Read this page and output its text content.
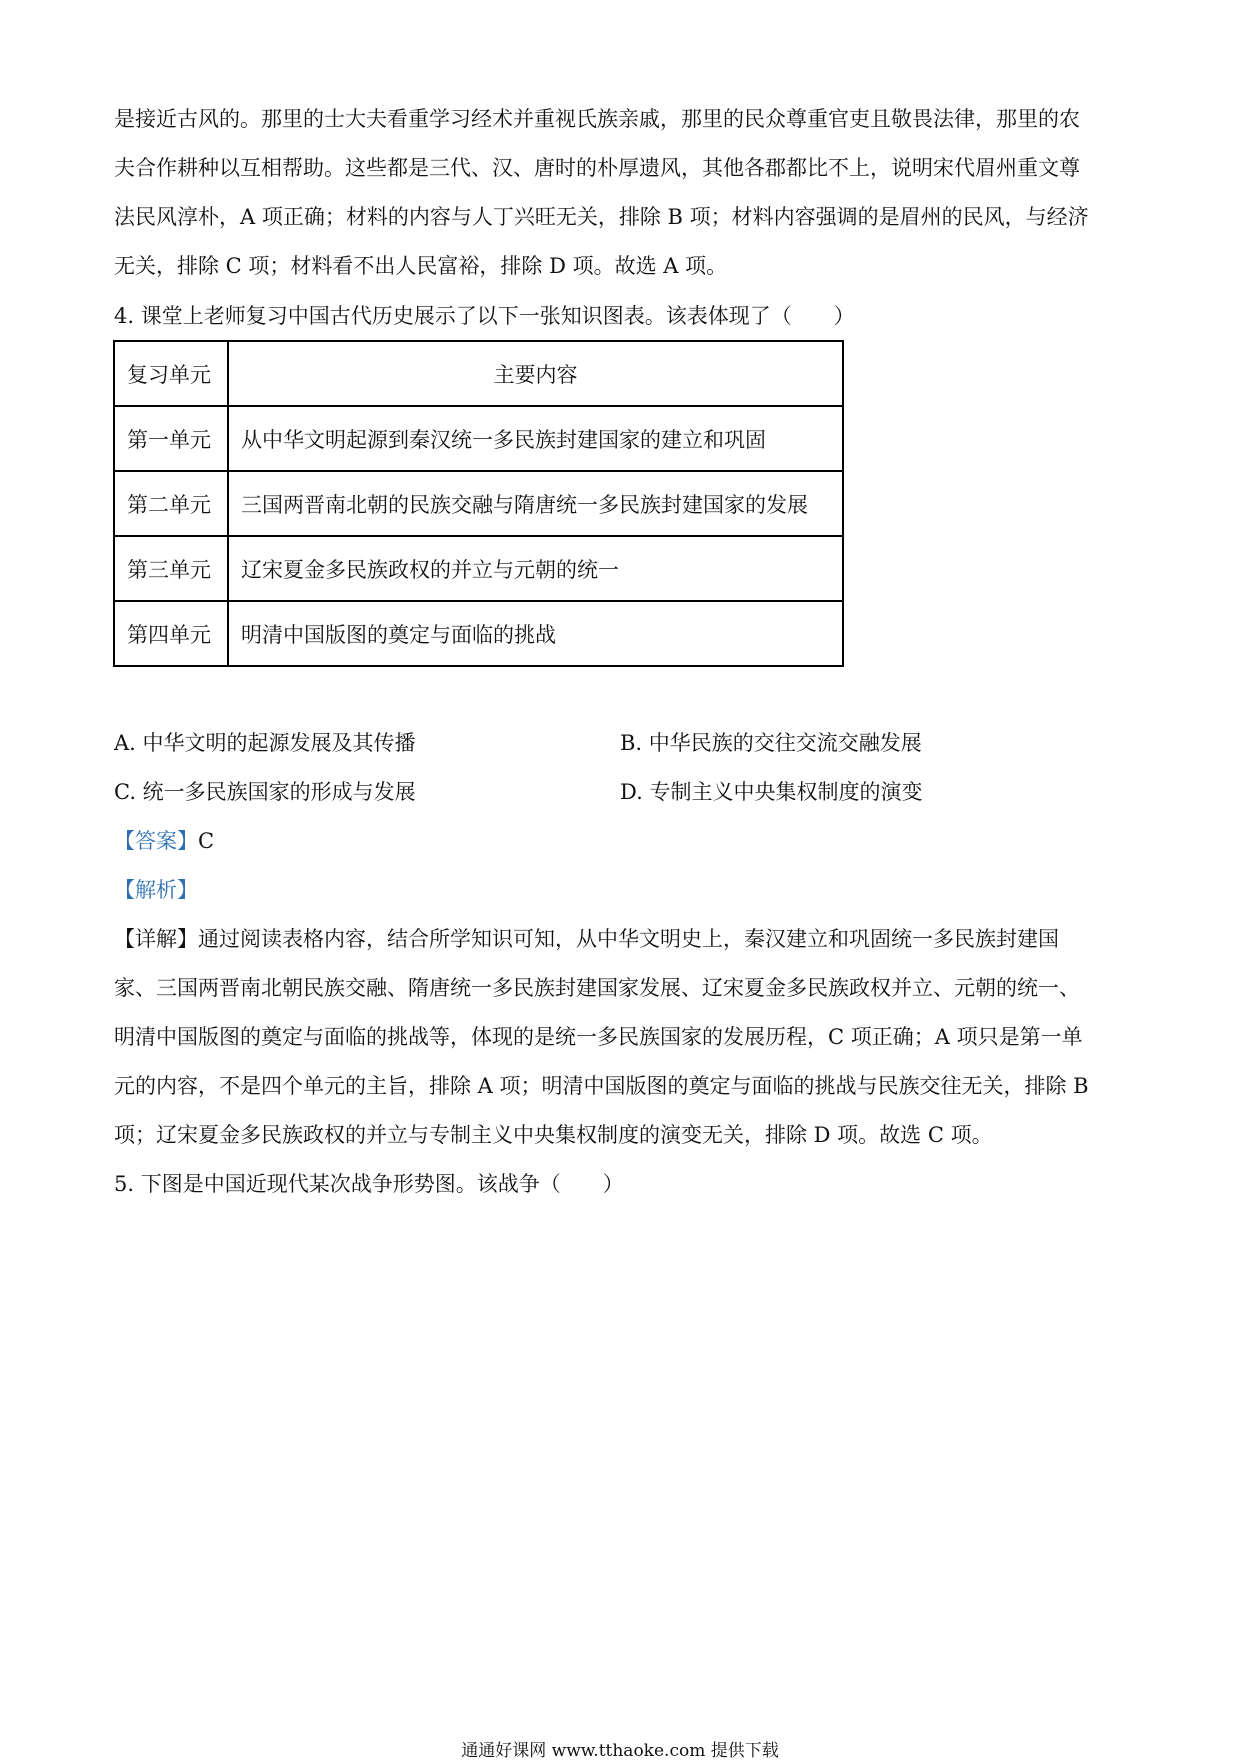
是接近古风的。那里的士大夫看重学习经术并重视氏族亲戚，那里的民众尊重官吏且敬畏法律，那里的农
夫合作耕种以互相帮助。这些都是三代、汉、唐时的朴厚遗风，其他各郡都比不上，说明宋代眉州重文尊
法民风淳朴，A 项正确；材料的内容与人丁兴旺无关，排除 B 项；材料内容强调的是眉州的民风，与经济
无关，排除 C 项；材料看不出人民富裕，排除 D 项。故选 A 项。

4. 课堂上老师复习中国古代历史展示了以下一张知识图表。该表体现了（　　）

复习单元	主要内容
第一单元	从中华文明起源到秦汉统一多民族封建国家的建立和巩固
第二单元	三国两晋南北朝的民族交融与隋唐统一多民族封建国家的发展
第三单元	辽宋夏金多民族政权的并立与元朝的统一
第四单元	明清中国版图的奠定与面临的挑战
A. 中华文明的起源发展及其传播	B. 中华民族的交往交流交融发展
C. 统一多民族国家的形成与发展	D. 专制主义中央集权制度的演变
【答案】C
【解析】
【详解】通过阅读表格内容，结合所学知识可知，从中华文明史上，秦汉建立和巩固统一多民族封建国
家、三国两晋南北朝民族交融、隋唐统一多民族封建国家发展、辽宋夏金多民族政权并立、元朝的统一、
明清中国版图的奠定与面临的挑战等，体现的是统一多民族国家的发展历程，C 项正确；A 项只是第一单
元的内容，不是四个单元的主旨，排除 A 项；明清中国版图的奠定与面临的挑战与民族交往无关，排除 B
项；辽宋夏金多民族政权的并立与专制主义中央集权制度的演变无关，排除 D 项。故选 C 项。

5. 下图是中国近现代某次战争形势图。该战争（　　）

通通好课网 www.tthaoke.com 提供下载
